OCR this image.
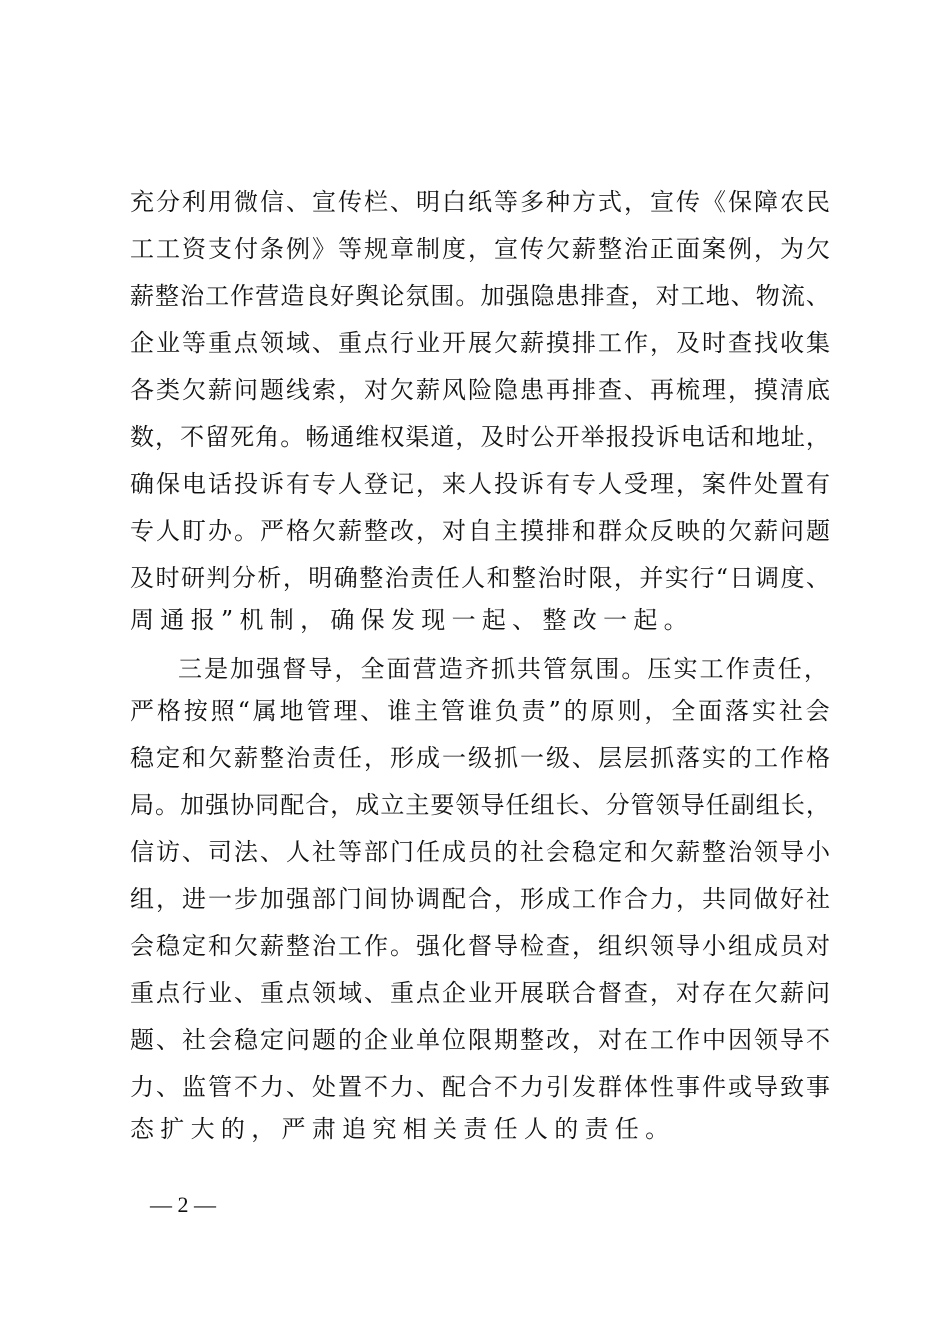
充 分 利 用 微 信 、 宣 传 栏 、 明 白 纸 等 多 种 方 式 ， 宣 传 《 保 障 农 民

工 工 资 支 付 条 例 》 等 规 章 制 度 ， 宣 传 欠 薪 整 治 正 面 案 例 ， 为 欠

薪 整 治 工 作 营 造 良 好 舆 论 氛 围 。 加 强 隐 患 排 查 ， 对 工 地 、 物 流 、

企 业 等 重 点 领 域 、 重 点 行 业 开 展 欠 薪 摸 排 工 作 ， 及 时 查 找 收 集

各 类 欠 薪 问 题 线 索 ， 对 欠 薪 风 险 隐 患 再 排 查 、 再 梳 理 ， 摸 清 底

数 ， 不 留 死 角 。 畅 通 维 权 渠 道 ， 及 时 公 开 举 报 投 诉 电 话 和 地 址 ，

确 保 电 话 投 诉 有 专 人 登 记 ， 来 人 投 诉 有 专 人 受 理 ， 案 件 处 置 有

专 人 盯 办 。 严 格 欠 薪 整 改 ， 对 自 主 摸 排 和 群 众 反 映 的 欠 薪 问 题

及 时 研 判 分 析 ， 明 确 整 治 责 任 人 和 整 治 时 限 ， 并 实 行 “ 日 调 度 、

周通报”机制，确保发现一起、整改一起。

三 是 加 强 督 导 ， 全 面 营 造 齐 抓 共 管 氛 围 。 压 实 工 作 责 任 ，

严 格 按 照 “ 属 地 管 理 、 谁 主 管 谁 负 责 ” 的 原 则 ， 全 面 落 实 社 会

稳 定 和 欠 薪 整 治 责 任 ， 形 成 一 级 抓 一 级 、 层 层 抓 落 实 的 工 作 格

局 。 加 强 协 同 配 合 ， 成 立 主 要 领 导 任 组 长 、 分 管 领 导 任 副 组 长 ，

信 访 、 司 法 、 人 社 等 部 门 任 成 员 的 社 会 稳 定 和 欠 薪 整 治 领 导 小

组 ， 进 一 步 加 强 部 门 间 协 调 配 合 ， 形 成 工 作 合 力 ， 共 同 做 好 社

会 稳 定 和 欠 薪 整 治 工 作 。 强 化 督 导 检 查 ， 组 织 领 导 小 组 成 员 对

重 点 行 业 、 重 点 领 域 、 重 点 企 业 开 展 联 合 督 查 ， 对 存 在 欠 薪 问

题 、 社 会 稳 定 问 题 的 企 业 单 位 限 期 整 改 ， 对 在 工 作 中 因 领 导 不

力 、 监 管 不 力 、 处 置 不 力 、 配 合 不 力 引 发 群 体 性 事 件 或 导 致 事

态扩大的，严肃追究相关责任人的责任。

— 2 —
